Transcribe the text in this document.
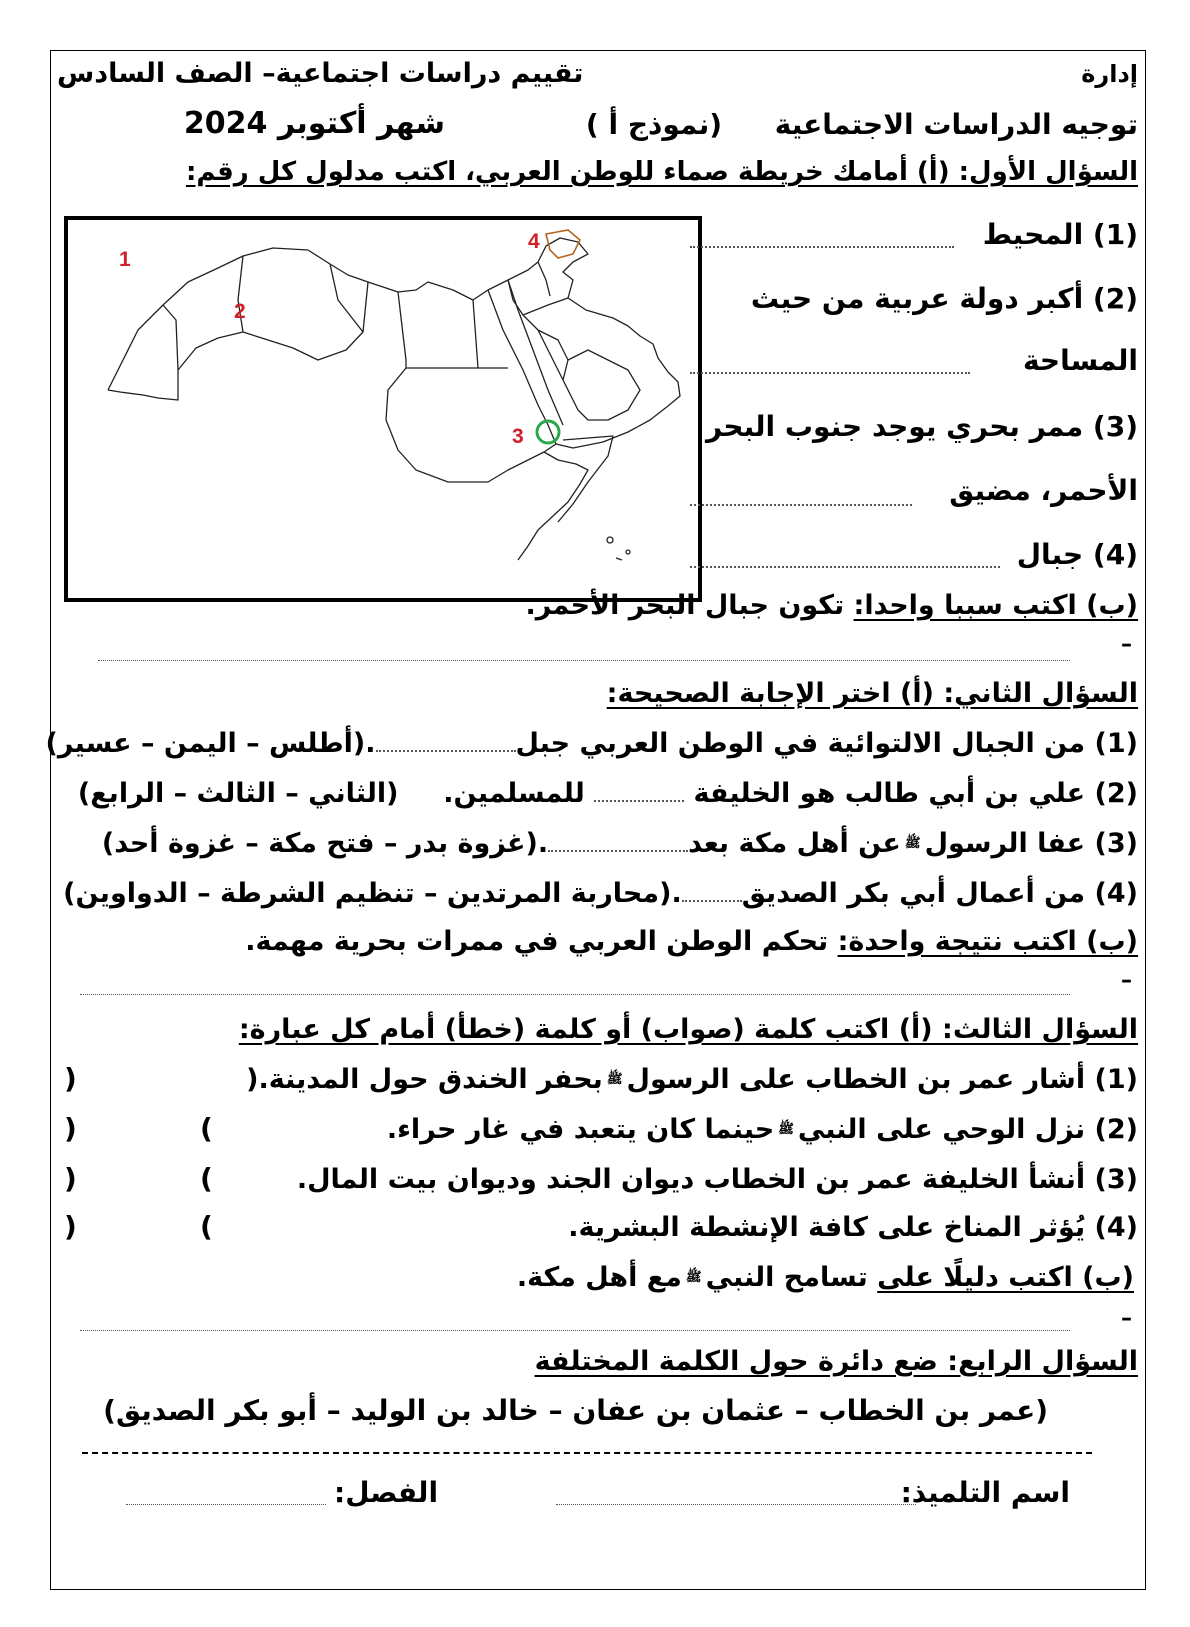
إدارة
تقييم دراسات اجتماعية– الصف السادس
توجيه الدراسات الاجتماعية
(نموذج أ )
شهر أكتوبر 2024
السؤال الأول: (أ) أمامك خريطة صماء للوطن العربي، اكتب مدلول كل رقم:
1
2
3
4	(1) المحيط
(2) أكبر دولة عربية من حيث
المساحة
(3) ممر بحري يوجد جنوب البحر
الأحمر، مضيق
(4) جبال
(ب) اكتب سببا واحدا: تكون جبال البحر الأحمر.
–
السؤال الثاني: (أ) اختر الإجابة الصحيحة:
(1) من الجبال الالتوائية في الوطن العربي جبل.(أطلس – اليمن – عسير)
(2) علي بن أبي طالب هو الخليفة  للمسلمين.  (الثاني – الثالث – الرابع)
(3) عفا الرسولﷺعن أهل مكة بعد.(غزوة بدر – فتح مكة – غزوة أحد)
(4) من أعمال أبي بكر الصديق.(محاربة المرتدين – تنظيم الشرطة – الدواوين)
(ب) اكتب نتيجة واحدة: تحكم الوطن العربي في ممرات بحرية مهمة.
–
السؤال الثالث: (أ) اكتب كلمة (صواب) أو كلمة (خطأ) أمام كل عبارة:
(1) أشار عمر بن الخطاب على الرسولﷺبحفر الخندق حول المدينة.(
)
(2) نزل الوحي على النبيﷺحينما كان يتعبد في غار حراء.
(
)
(3) أنشأ الخليفة عمر بن الخطاب ديوان الجند وديوان بيت المال.
(
)
(4) يُؤثر المناخ على كافة الإنشطة البشرية.
(
)
(ب) اكتب دليلًا على تسامح النبيﷺمع أهل مكة.
–
السؤال الرابع: ضع دائرة حول الكلمة المختلفة
(عمر بن الخطاب – عثمان بن عفان – خالد بن الوليد – أبو بكر الصديق)
اسم التلميذ:
الفصل:
